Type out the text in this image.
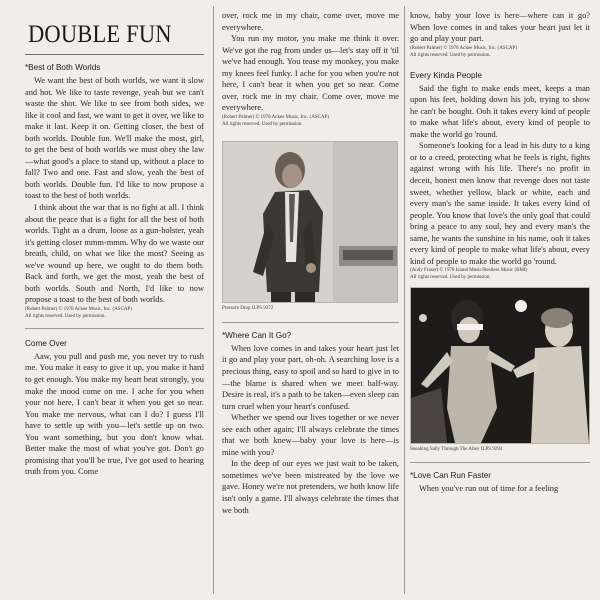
DOUBLE FUN
*Best of Both Worlds

We want the best of both worlds, we want it slow and hot. We like to taste revenge, yeah but we can't waste the shot. We like to see from both sides, we like it cool and fast, we want to get it over, we like to make it last. Keep it on. Getting closer, the best of both worlds. Double fun. We'll make the most, girl, to get the best of both worlds we must obey the law—what good's a place to stand up, without a place to fall? Two and one. Fast and slow, yeah the best of both worlds. Double fun. I'd like to now propose a toast to the best of both worlds.

I think about the war that is no fight at all. I think about the peace that is a fight for all the best of both worlds. Tight as a drum, loose as a gun-holster, yeah it's getting closer mmm-mmm. Why do we waste our breath, child, on what we like the most? Seeing as we've wound up here, we ought to do them both. Back and forth, we get the most, yeah the best of both worlds. South and North, I'd like to now propose a toast to the best of both worlds.

(Robert Palmer) © 1978 Ackee Music, Inc. (ASCAP)
All rights reserved. Used by permission.
Come Over

Aaw, you pull and push me, you never try to rush me. You make it easy to give it up, you make it hard to get enough. You make my heart beat strongly, you make the mood come on me. I ache for you when your not here, I can't bear it when you get so near. You make me nervous, what can I do? I guess I'll have to settle up with you—let's settle up on two. You want something, but you don't know what. Better make the most of what you've got. Don't go promising that you'll be true, I've got used to hearing truth from you. Come

over, rock me in my chair, come over, move me everywhere.

You run my motor, you make me think it over. We've got the rug from under us—let's stay off it 'til we've had enough. You tease my monkey, you make my knees feel funky. I ache for you when you're not here, I can't bear it when you get so near. Come over, rock me in my chair. Come over, move me everywhere.

(Robert Palmer) © 1978 Ackee Music, Inc. (ASCAP)
All rights reserved. Used by permission.
Pressure Drop ILPS 9372
*Where Can It Go?

When love comes in and takes your heart just let it go and play your part, oh-oh. A searching love is a precious thing, easy to spoil and so hard to give in to—the blame is shared when we meet half-way. Desire is real, it's a path to be taken—even sleep can turn cruel when your heart's confused.

Whether we spend our lives together or we never see each other again; I'll always celebrate the times that we both knew—baby your love is here—is mine with you?

In the deep of our eyes we just wait to be taken, sometimes we've been mistreated by the love we gave. Honey we're not pretenders, we both know life isn't only a game. I'll always celebrate the times that we both

know, baby your love is here—where can it go? When love comes in and takes your heart just let it go and play your part.

(Robert Palmer) © 1978 Ackee Music, Inc. (ASCAP)
All rights reserved. Used by permission.
Every Kinda People

Said the fight to make ends meet, keeps a man upon his feet, holding down his job, trying to show he can't be bought. Ooh it takes every kind of people to make what life's about, every kind of people to make the world go 'round.

Someone's looking for a lead in his duty to a king or to a creed, protecting what he feels is right, fights against wrong with his life. There's no profit in deceit, honest men know that revenge does not taste sweet, whether yellow, black or white, each and every man's the same inside. It takes every kind of people. You know that love's the only goal that could bring a peace to any soul, hey and every man's the same, he wants the sunshine in his name, ooh it takes every kind of people to make what life's about, every kind of people to make the world go 'round.

(Andy Fraser) © 1978 Island Music/Restless Music (BMI)
All rights reserved. Used by permission.
Sneaking Sally Through The Alley ILPS 9294
*Love Can Run Faster

When you've run out of time for a feeling
